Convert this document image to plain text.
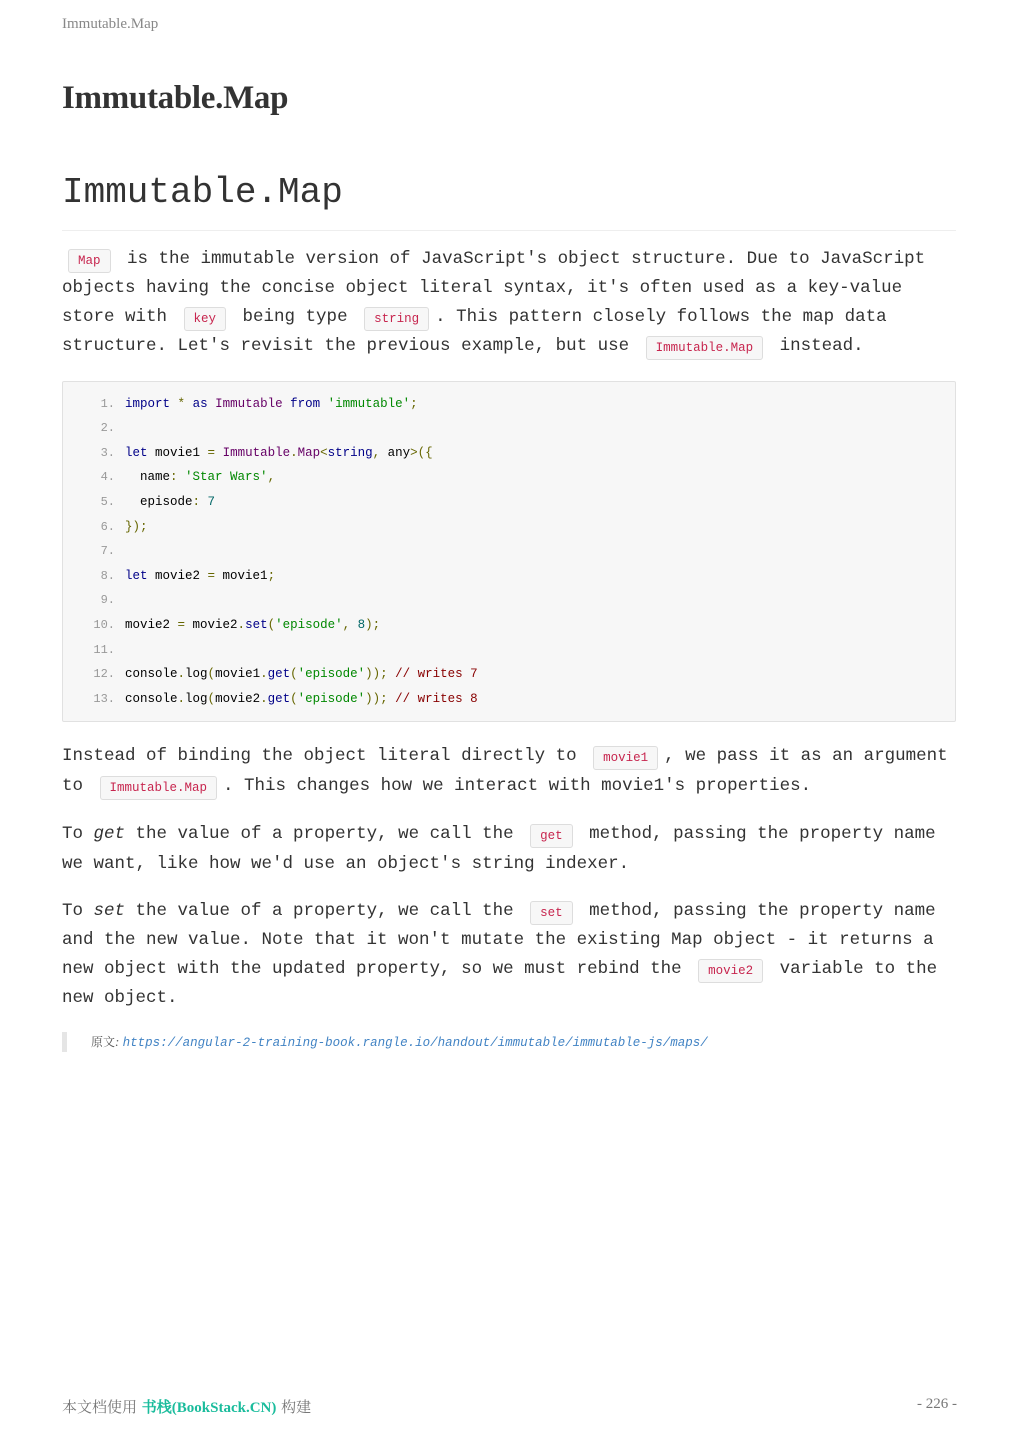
Immutable.Map
Immutable.Map
Immutable.Map

Map is the immutable version of JavaScript's object structure. Due to JavaScript objects having the concise object literal syntax, it's often used as a key-value store with key being type string . This pattern closely follows the map data structure. Let's revisit the previous example, but use Immutable.Map instead.

1. import * as Immutable from 'immutable';
2.
3. let movie1 = Immutable.Map<string, any>({
4. name: 'Star Wars',
5. episode: 7
6. });
7.
8. let movie2 = movie1;
9.
10. movie2 = movie2.set('episode', 8);
11.
12. console.log(movie1.get('episode')); // writes 7
13. console.log(movie2.get('episode')); // writes 8

Instead of binding the object literal directly to movie1 , we pass it as an argument to Immutable.Map . This changes how we interact with movie1's properties.

To get the value of a property, we call the get method, passing the property name we want, like how we'd use an object's string indexer.

To set the value of a property, we call the set method, passing the property name and the new value. Note that it won't mutate the existing Map object - it returns a new object with the updated property, so we must rebind the movie2 variable to the new object.

原文: https://angular-2-training-book.rangle.io/handout/immutable/immutable-js/maps/
本文档使用 书栈(BookStack.CN) 构建	- 226 -
